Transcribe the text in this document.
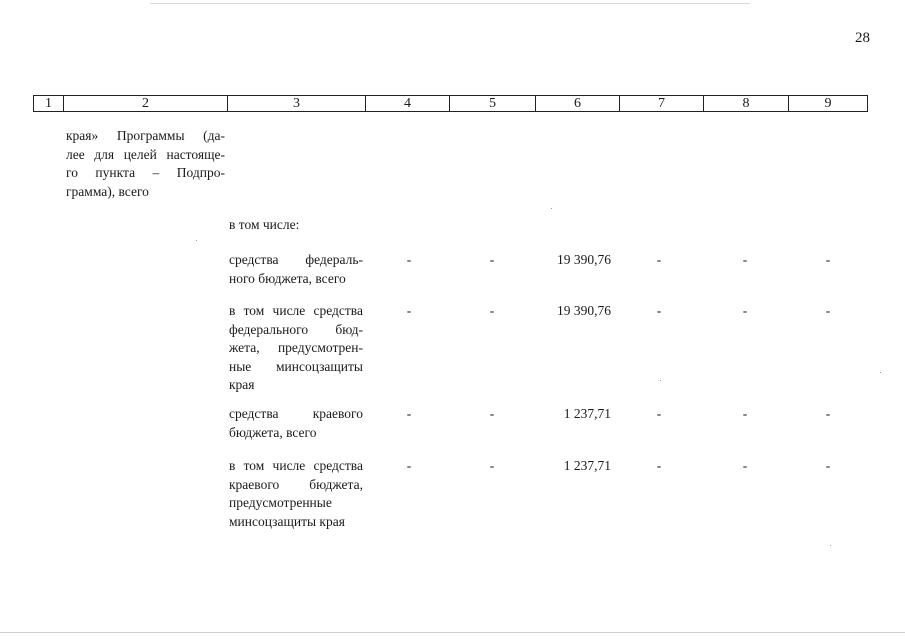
28
1	2	3	4	5	6	7	8	9
края» Программы (да-
лее для целей настояще-
го пункта – Подпро-
грамма), всего
в том числе:
средства федераль-
ного бюджета, всего
-	-	19 390,76	-	-	-
в том числе средства
федерального бюд-
жета, предусмотрен-
ные минсоцзащиты
края
-	-	19 390,76	-	-	-
средства краевого
бюджета, всего
-	-	1 237,71	-	-	-
в том числе средства
краевого бюджета,
предусмотренные
минсоцзащиты края
-	-	1 237,71	-	-	-
